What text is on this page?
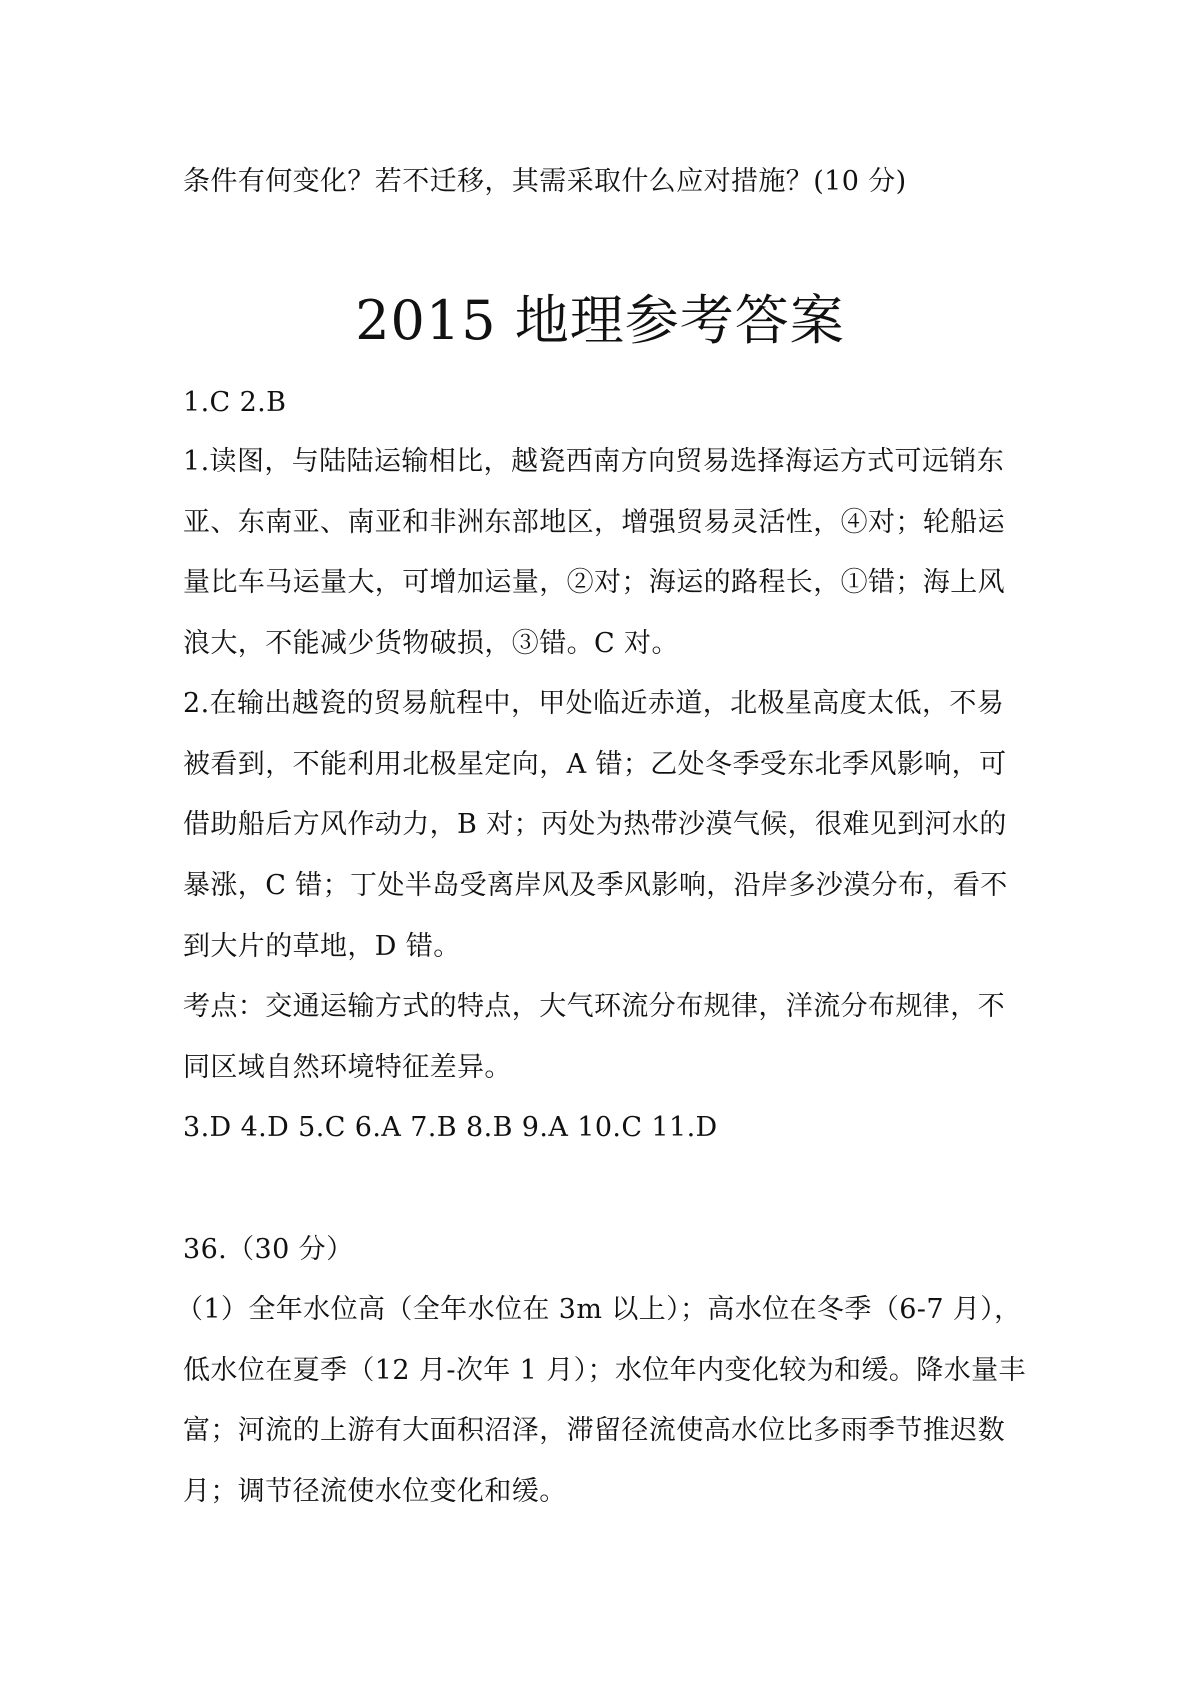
条件有何变化？若不迁移，其需采取什么应对措施？(10 分)
2015 地理参考答案
1.C 2.B
1.读图，与陆陆运输相比，越瓷西南方向贸易选择海运方式可远销东
亚、东南亚、南亚和非洲东部地区，增强贸易灵活性，④对；轮船运
量比车马运量大，可增加运量，②对；海运的路程长，①错；海上风
浪大，不能减少货物破损，③错。C 对。
2.在输出越瓷的贸易航程中，甲处临近赤道，北极星高度太低，不易
被看到，不能利用北极星定向，A 错；乙处冬季受东北季风影响，可
借助船后方风作动力，B 对；丙处为热带沙漠气候，很难见到河水的
暴涨，C 错；丁处半岛受离岸风及季风影响，沿岸多沙漠分布，看不
到大片的草地，D 错。
考点：交通运输方式的特点，大气环流分布规律，洋流分布规律，不
同区域自然环境特征差异。
3.D 4.D 5.C 6.A 7.B 8.B 9.A 10.C 11.D
36.（30 分）
（1）全年水位高（全年水位在 3m 以上）；高水位在冬季（6-7 月），
低水位在夏季（12 月-次年 1 月）；水位年内变化较为和缓。降水量丰
富；河流的上游有大面积沼泽，滞留径流使高水位比多雨季节推迟数
月；调节径流使水位变化和缓。
